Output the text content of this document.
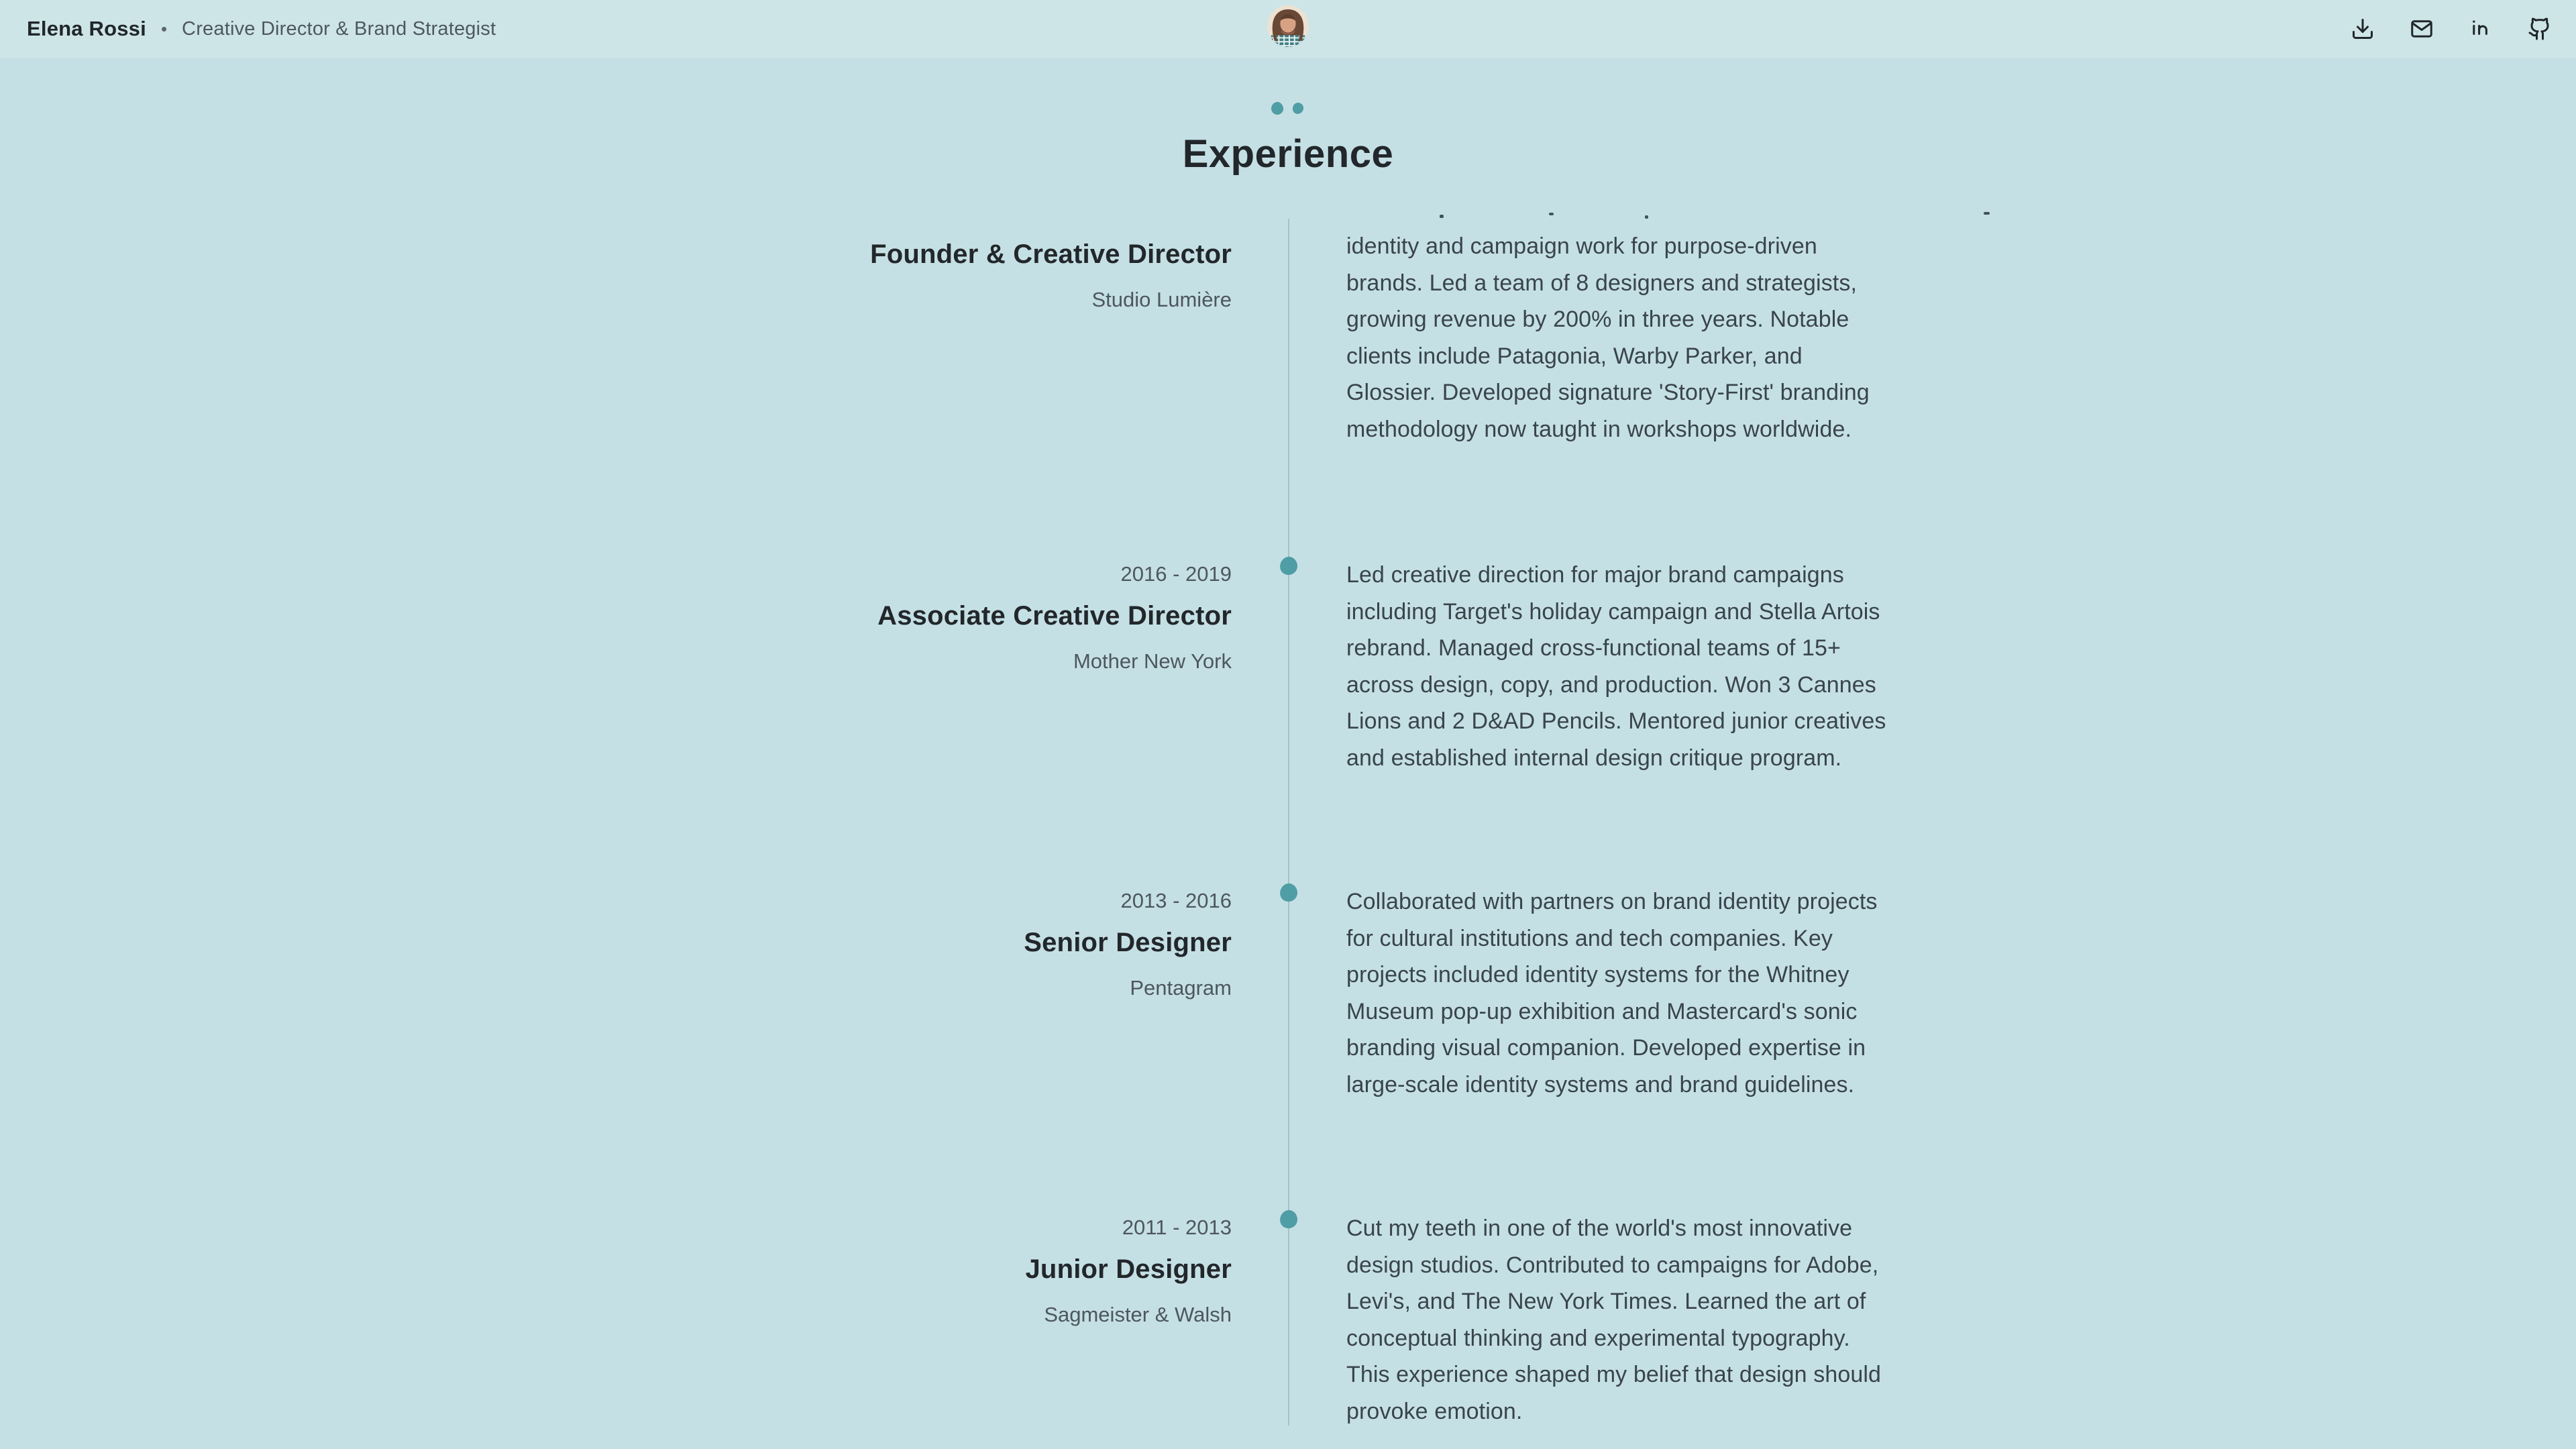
Elena Rossi • Creative Director & Brand Strategist
Experience
Founder & Creative Director
Studio Lumière
identity and campaign work for purpose-driven brands. Led a team of 8 designers and strategists, growing revenue by 200% in three years. Notable clients include Patagonia, Warby Parker, and Glossier. Developed signature 'Story-First' branding methodology now taught in workshops worldwide.
2016 - 2019
Associate Creative Director
Mother New York
Led creative direction for major brand campaigns including Target's holiday campaign and Stella Artois rebrand. Managed cross-functional teams of 15+ across design, copy, and production. Won 3 Cannes Lions and 2 D&AD Pencils. Mentored junior creatives and established internal design critique program.
2013 - 2016
Senior Designer
Pentagram
Collaborated with partners on brand identity projects for cultural institutions and tech companies. Key projects included identity systems for the Whitney Museum pop-up exhibition and Mastercard's sonic branding visual companion. Developed expertise in large-scale identity systems and brand guidelines.
2011 - 2013
Junior Designer
Sagmeister & Walsh
Cut my teeth in one of the world's most innovative design studios. Contributed to campaigns for Adobe, Levi's, and The New York Times. Learned the art of conceptual thinking and experimental typography. This experience shaped my belief that design should provoke emotion.
